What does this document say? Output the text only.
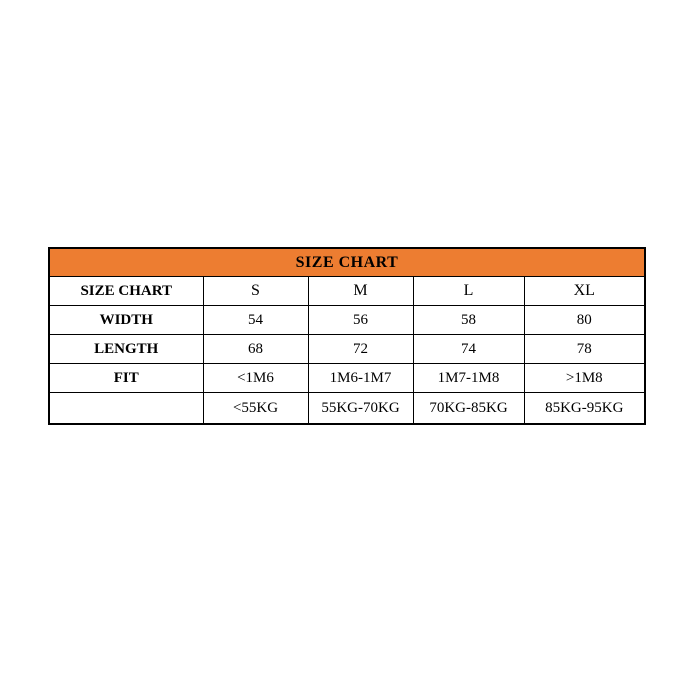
SIZE CHART				
SIZE CHART	S	M	L	XL
WIDTH	54	56	58	80
LENGTH	68	72	74	78
FIT	<1M6	1M6-1M7	1M7-1M8	>1M8
	<55KG	55KG-70KG	70KG-85KG	85KG-95KG
